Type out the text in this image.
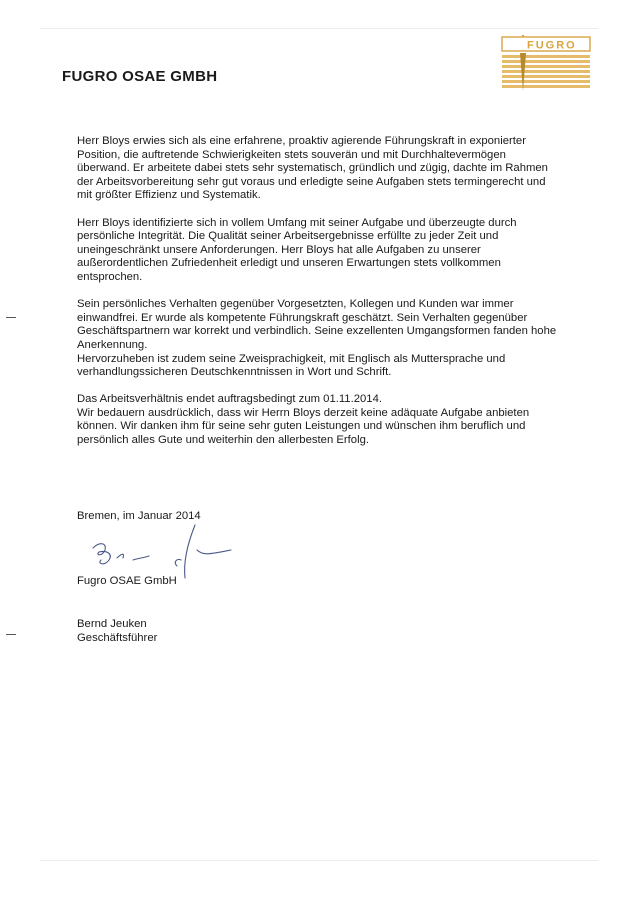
FUGRO OSAE GMBH
FUGRO

Herr Bloys erwies sich als eine erfahrene, proaktiv agierende Führungskraft in exponierter Position, die auftretende Schwierigkeiten stets souverän und mit Durchhaltevermögen überwand. Er arbeitete dabei stets sehr systematisch, gründlich und zügig, dachte im Rahmen der Arbeitsvorbereitung sehr gut voraus und erledigte seine Aufgaben stets termingerecht und mit größter Effizienz und Systematik.

Herr Bloys identifizierte sich in vollem Umfang mit seiner Aufgabe und überzeugte durch persönliche Integrität. Die Qualität seiner Arbeitsergebnisse erfüllte zu jeder Zeit und uneingeschränkt unsere Anforderungen. Herr Bloys hat alle Aufgaben zu unserer außerordentlichen Zufriedenheit erledigt und unseren Erwartungen stets vollkommen entsprochen.

Sein persönliches Verhalten gegenüber Vorgesetzten, Kollegen und Kunden war immer einwandfrei. Er wurde als kompetente Führungskraft geschätzt. Sein Verhalten gegenüber Geschäftspartnern war korrekt und verbindlich. Seine exzellenten Umgangsformen fanden hohe Anerkennung.
Hervorzuheben ist zudem seine Zweisprachigkeit, mit Englisch als Muttersprache und verhandlungssicheren Deutschkenntnissen in Wort und Schrift.

Das Arbeitsverhältnis endet auftragsbedingt zum 01.11.2014.
Wir bedauern ausdrücklich, dass wir Herrn Bloys derzeit keine adäquate Aufgabe anbieten können. Wir danken ihm für seine sehr guten Leistungen und wünschen ihm beruflich und persönlich alles Gute und weiterhin den allerbesten Erfolg.

Bremen, im Januar 2014
Fugro OSAE GmbH
Bernd Jeuken
Geschäftsführer
